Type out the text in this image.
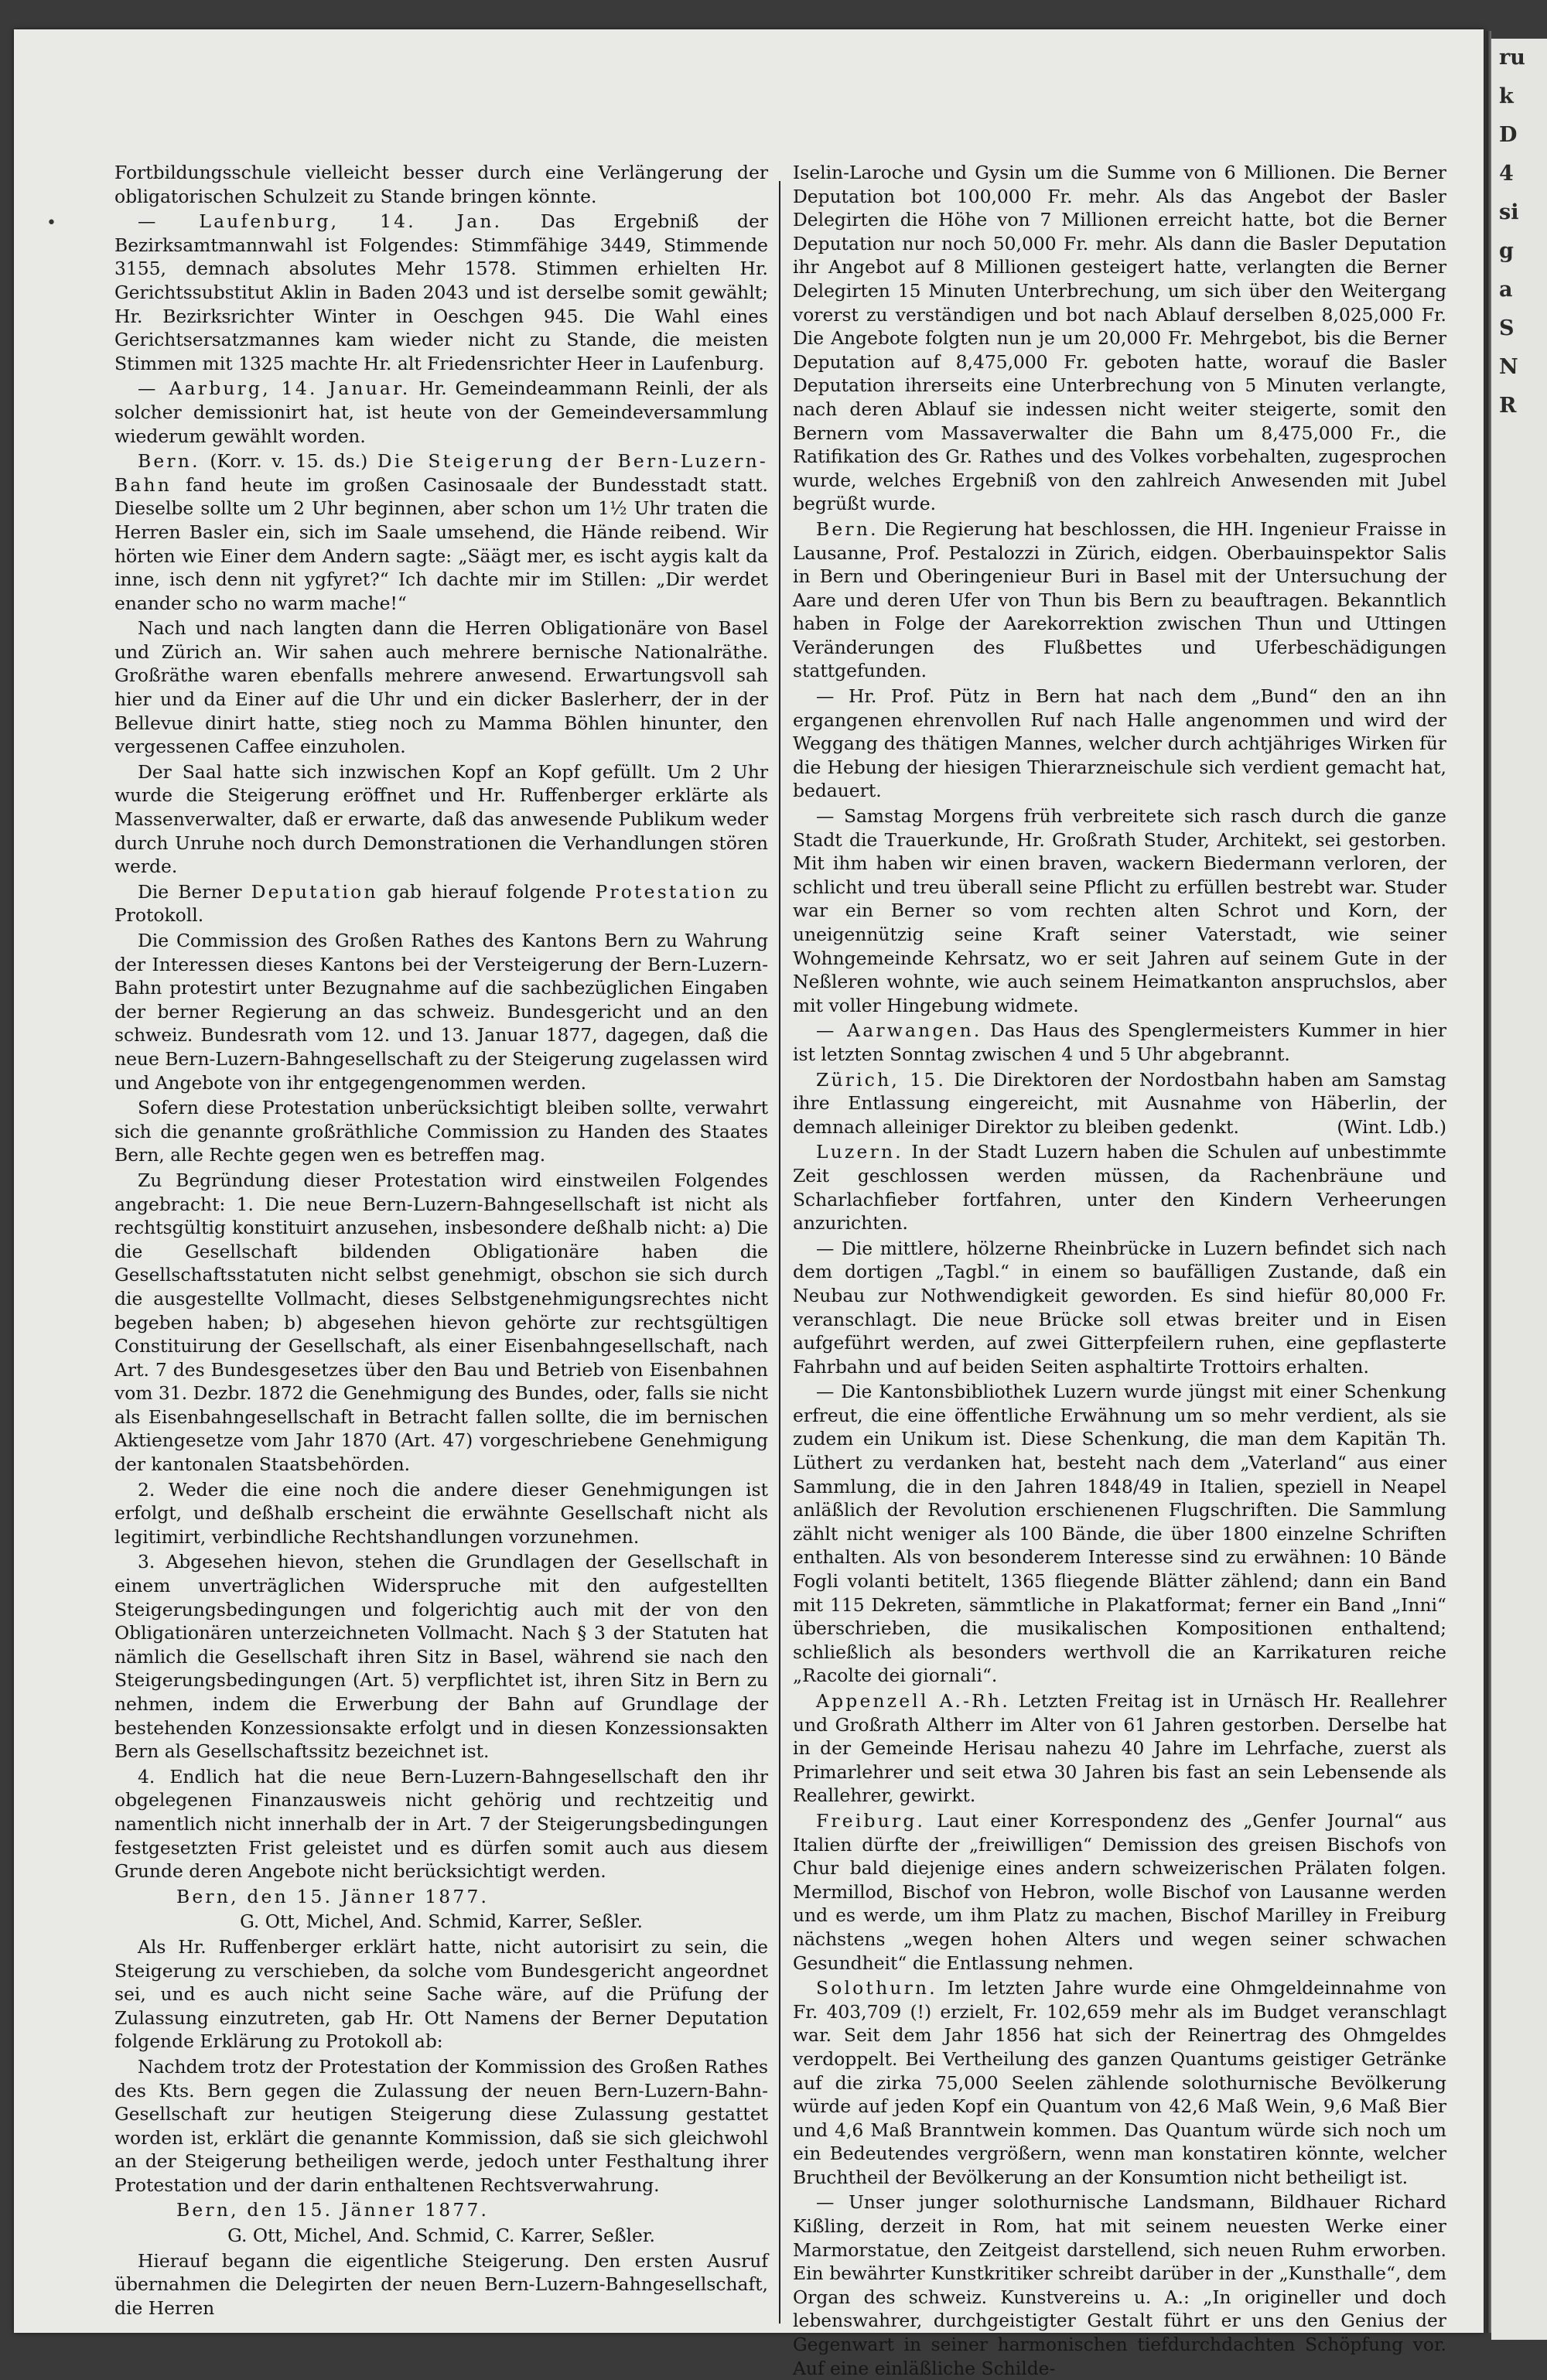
•

Fortbildungsschule vielleicht besser durch eine Verlängerung der obligatorischen Schulzeit zu Stande bringen könnte.

— Laufenburg, 14. Jan. Das Ergebniß der Bezirksamtmannwahl ist Folgendes: Stimmfähige 3449, Stimmende 3155, demnach absolutes Mehr 1578. Stimmen erhielten Hr. Gerichtssubstitut Aklin in Baden 2043 und ist derselbe somit gewählt; Hr. Bezirksrichter Winter in Oeschgen 945. Die Wahl eines Gerichtsersatzmannes kam wieder nicht zu Stande, die meisten Stimmen mit 1325 machte Hr. alt Friedensrichter Heer in Laufenburg.

— Aarburg, 14. Januar. Hr. Gemeindeammann Reinli, der als solcher demissionirt hat, ist heute von der Gemeindeversammlung wiederum gewählt worden.

Bern. (Korr. v. 15. ds.) Die Steigerung der Bern-Luzern-Bahn fand heute im großen Casinosaale der Bundesstadt statt. Dieselbe sollte um 2 Uhr beginnen, aber schon um 1½ Uhr traten die Herren Basler ein, sich im Saale umsehend, die Hände reibend. Wir hörten wie Einer dem Andern sagte: „Säägt mer, es ischt aygis kalt da inne, isch denn nit ygfyret?“ Ich dachte mir im Stillen: „Dir werdet enander scho no warm mache!“

Nach und nach langten dann die Herren Obligationäre von Basel und Zürich an. Wir sahen auch mehrere bernische Nationalräthe. Großräthe waren ebenfalls mehrere anwesend. Erwartungsvoll sah hier und da Einer auf die Uhr und ein dicker Baslerherr, der in der Bellevue dinirt hatte, stieg noch zu Mamma Böhlen hinunter, den vergessenen Caffee einzuholen.

Der Saal hatte sich inzwischen Kopf an Kopf gefüllt. Um 2 Uhr wurde die Steigerung eröffnet und Hr. Ruffenberger erklärte als Massenverwalter, daß er erwarte, daß das anwesende Publikum weder durch Unruhe noch durch Demonstrationen die Verhandlungen stören werde.

Die Berner Deputation gab hierauf folgende Protestation zu Protokoll.

Die Commission des Großen Rathes des Kantons Bern zu Wahrung der Interessen dieses Kantons bei der Versteigerung der Bern-Luzern-Bahn protestirt unter Bezugnahme auf die sachbezüglichen Eingaben der berner Regierung an das schweiz. Bundesgericht und an den schweiz. Bundesrath vom 12. und 13. Januar 1877, dagegen, daß die neue Bern-Luzern-Bahngesellschaft zu der Steigerung zugelassen wird und Angebote von ihr entgegengenommen werden.

Sofern diese Protestation unberücksichtigt bleiben sollte, verwahrt sich die genannte großräthliche Commission zu Handen des Staates Bern, alle Rechte gegen wen es betreffen mag.

Zu Begründung dieser Protestation wird einstweilen Folgendes angebracht: 1. Die neue Bern-Luzern-Bahngesellschaft ist nicht als rechtsgültig konstituirt anzusehen, insbesondere deßhalb nicht: a) Die die Gesellschaft bildenden Obligationäre haben die Gesellschaftsstatuten nicht selbst genehmigt, obschon sie sich durch die ausgestellte Vollmacht, dieses Selbstgenehmigungsrechtes nicht begeben haben; b) abgesehen hievon gehörte zur rechtsgültigen Constituirung der Gesellschaft, als einer Eisenbahngesellschaft, nach Art. 7 des Bundesgesetzes über den Bau und Betrieb von Eisenbahnen vom 31. Dezbr. 1872 die Genehmigung des Bundes, oder, falls sie nicht als Eisenbahngesellschaft in Betracht fallen sollte, die im bernischen Aktiengesetze vom Jahr 1870 (Art. 47) vorgeschriebene Genehmigung der kantonalen Staatsbehörden.

2. Weder die eine noch die andere dieser Genehmigungen ist erfolgt, und deßhalb erscheint die erwähnte Gesellschaft nicht als legitimirt, verbindliche Rechtshandlungen vorzunehmen.

3. Abgesehen hievon, stehen die Grundlagen der Gesellschaft in einem unverträglichen Widerspruche mit den aufgestellten Steigerungsbedingungen und folgerichtig auch mit der von den Obligationären unterzeichneten Vollmacht. Nach § 3 der Statuten hat nämlich die Gesellschaft ihren Sitz in Basel, während sie nach den Steigerungsbedingungen (Art. 5) verpflichtet ist, ihren Sitz in Bern zu nehmen, indem die Erwerbung der Bahn auf Grundlage der bestehenden Konzessionsakte erfolgt und in diesen Konzessionsakten Bern als Gesellschaftssitz bezeichnet ist.

4. Endlich hat die neue Bern-Luzern-Bahngesellschaft den ihr obgelegenen Finanzausweis nicht gehörig und rechtzeitig und namentlich nicht innerhalb der in Art. 7 der Steigerungsbedingungen festgesetzten Frist geleistet und es dürfen somit auch aus diesem Grunde deren Angebote nicht berücksichtigt werden.

Bern, den 15. Jänner 1877.

G. Ott, Michel, And. Schmid, Karrer, Seßler.

Als Hr. Ruffenberger erklärt hatte, nicht autorisirt zu sein, die Steigerung zu verschieben, da solche vom Bundesgericht angeordnet sei, und es auch nicht seine Sache wäre, auf die Prüfung der Zulassung einzutreten, gab Hr. Ott Namens der Berner Deputation folgende Erklärung zu Protokoll ab:

Nachdem trotz der Protestation der Kommission des Großen Rathes des Kts. Bern gegen die Zulassung der neuen Bern-Luzern-Bahn-Gesellschaft zur heutigen Steigerung diese Zulassung gestattet worden ist, erklärt die genannte Kommission, daß sie sich gleichwohl an der Steigerung betheiligen werde, jedoch unter Festhaltung ihrer Protestation und der darin enthaltenen Rechtsverwahrung.

Bern, den 15. Jänner 1877.

G. Ott, Michel, And. Schmid, C. Karrer, Seßler.

Hierauf begann die eigentliche Steigerung. Den ersten Ausruf übernahmen die Delegirten der neuen Bern-Luzern-Bahngesellschaft, die Herren

Iselin-Laroche und Gysin um die Summe von 6 Millionen. Die Berner Deputation bot 100,000 Fr. mehr. Als das Angebot der Basler Delegirten die Höhe von 7 Millionen erreicht hatte, bot die Berner Deputation nur noch 50,000 Fr. mehr. Als dann die Basler Deputation ihr Angebot auf 8 Millionen gesteigert hatte, verlangten die Berner Delegirten 15 Minuten Unterbrechung, um sich über den Weitergang vorerst zu verständigen und bot nach Ablauf derselben 8,025,000 Fr. Die Angebote folgten nun je um 20,000 Fr. Mehrgebot, bis die Berner Deputation auf 8,475,000 Fr. geboten hatte, worauf die Basler Deputation ihrerseits eine Unterbrechung von 5 Minuten verlangte, nach deren Ablauf sie indessen nicht weiter steigerte, somit den Bernern vom Massaverwalter die Bahn um 8,475,000 Fr., die Ratifikation des Gr. Rathes und des Volkes vorbehalten, zugesprochen wurde, welches Ergebniß von den zahlreich Anwesenden mit Jubel begrüßt wurde.

Bern. Die Regierung hat beschlossen, die HH. Ingenieur Fraisse in Lausanne, Prof. Pestalozzi in Zürich, eidgen. Oberbauinspektor Salis in Bern und Oberingenieur Buri in Basel mit der Untersuchung der Aare und deren Ufer von Thun bis Bern zu beauftragen. Bekanntlich haben in Folge der Aarekorrektion zwischen Thun und Uttingen Veränderungen des Flußbettes und Uferbeschädigungen stattgefunden.

— Hr. Prof. Pütz in Bern hat nach dem „Bund“ den an ihn ergangenen ehrenvollen Ruf nach Halle angenommen und wird der Weggang des thätigen Mannes, welcher durch achtjähriges Wirken für die Hebung der hiesigen Thierarzneischule sich verdient gemacht hat, bedauert.

— Samstag Morgens früh verbreitete sich rasch durch die ganze Stadt die Trauerkunde, Hr. Großrath Studer, Architekt, sei gestorben. Mit ihm haben wir einen braven, wackern Biedermann verloren, der schlicht und treu überall seine Pflicht zu erfüllen bestrebt war. Studer war ein Berner so vom rechten alten Schrot und Korn, der uneigennützig seine Kraft seiner Vaterstadt, wie seiner Wohngemeinde Kehrsatz, wo er seit Jahren auf seinem Gute in der Neßleren wohnte, wie auch seinem Heimatkanton anspruchslos, aber mit voller Hingebung widmete.

— Aarwangen. Das Haus des Spenglermeisters Kummer in hier ist letzten Sonntag zwischen 4 und 5 Uhr abgebrannt.

Zürich, 15. Die Direktoren der Nordostbahn haben am Samstag ihre Entlassung eingereicht, mit Ausnahme von Häberlin, der demnach alleiniger Direktor zu bleiben gedenkt.	(Wint. Ldb.)

Luzern. In der Stadt Luzern haben die Schulen auf unbestimmte Zeit geschlossen werden müssen, da Rachenbräune und Scharlachfieber fortfahren, unter den Kindern Verheerungen anzurichten.

— Die mittlere, hölzerne Rheinbrücke in Luzern befindet sich nach dem dortigen „Tagbl.“ in einem so baufälligen Zustande, daß ein Neubau zur Nothwendigkeit geworden. Es sind hiefür 80,000 Fr. veranschlagt. Die neue Brücke soll etwas breiter und in Eisen aufgeführt werden, auf zwei Gitterpfeilern ruhen, eine gepflasterte Fahrbahn und auf beiden Seiten asphaltirte Trottoirs erhalten.

— Die Kantonsbibliothek Luzern wurde jüngst mit einer Schenkung erfreut, die eine öffentliche Erwähnung um so mehr verdient, als sie zudem ein Unikum ist. Diese Schenkung, die man dem Kapitän Th. Lüthert zu verdanken hat, besteht nach dem „Vaterland“ aus einer Sammlung, die in den Jahren 1848/49 in Italien, speziell in Neapel anläßlich der Revolution erschienenen Flugschriften. Die Sammlung zählt nicht weniger als 100 Bände, die über 1800 einzelne Schriften enthalten. Als von besonderem Interesse sind zu erwähnen: 10 Bände Fogli volanti betitelt, 1365 fliegende Blätter zählend; dann ein Band mit 115 Dekreten, sämmtliche in Plakatformat; ferner ein Band „Inni“ überschrieben, die musikalischen Kompositionen enthaltend; schließlich als besonders werthvoll die an Karrikaturen reiche „Racolte dei giornali“.

Appenzell A.-Rh. Letzten Freitag ist in Urnäsch Hr. Reallehrer und Großrath Altherr im Alter von 61 Jahren gestorben. Derselbe hat in der Gemeinde Herisau nahezu 40 Jahre im Lehrfache, zuerst als Primarlehrer und seit etwa 30 Jahren bis fast an sein Lebensende als Reallehrer, gewirkt.

Freiburg. Laut einer Korrespondenz des „Genfer Journal“ aus Italien dürfte der „freiwilligen“ Demission des greisen Bischofs von Chur bald diejenige eines andern schweizerischen Prälaten folgen. Mermillod, Bischof von Hebron, wolle Bischof von Lausanne werden und es werde, um ihm Platz zu machen, Bischof Marilley in Freiburg nächstens „wegen hohen Alters und wegen seiner schwachen Gesundheit“ die Entlassung nehmen.

Solothurn. Im letzten Jahre wurde eine Ohmgeldeinnahme von Fr. 403,709 (!) erzielt, Fr. 102,659 mehr als im Budget veranschlagt war. Seit dem Jahr 1856 hat sich der Reinertrag des Ohmgeldes verdoppelt. Bei Vertheilung des ganzen Quantums geistiger Getränke auf die zirka 75,000 Seelen zählende solothurnische Bevölkerung würde auf jeden Kopf ein Quantum von 42,6 Maß Wein, 9,6 Maß Bier und 4,6 Maß Branntwein kommen. Das Quantum würde sich noch um ein Bedeutendes vergrößern, wenn man konstatiren könnte, welcher Bruchtheil der Bevölkerung an der Konsumtion nicht betheiligt ist.

— Unser junger solothurnische Landsmann, Bildhauer Richard Kißling, derzeit in Rom, hat mit seinem neuesten Werke einer Marmorstatue, den Zeitgeist darstellend, sich neuen Ruhm erworben. Ein bewährter Kunstkritiker schreibt darüber in der „Kunsthalle“, dem Organ des schweiz. Kunstvereins u. A.: „In origineller und doch lebenswahrer, durchgeistigter Gestalt führt er uns den Genius der Gegenwart in seiner harmonischen tiefdurchdachten Schöpfung vor. Auf eine einläßliche Schilde-

ru
k
D
4
si
g
a
S
N
R
